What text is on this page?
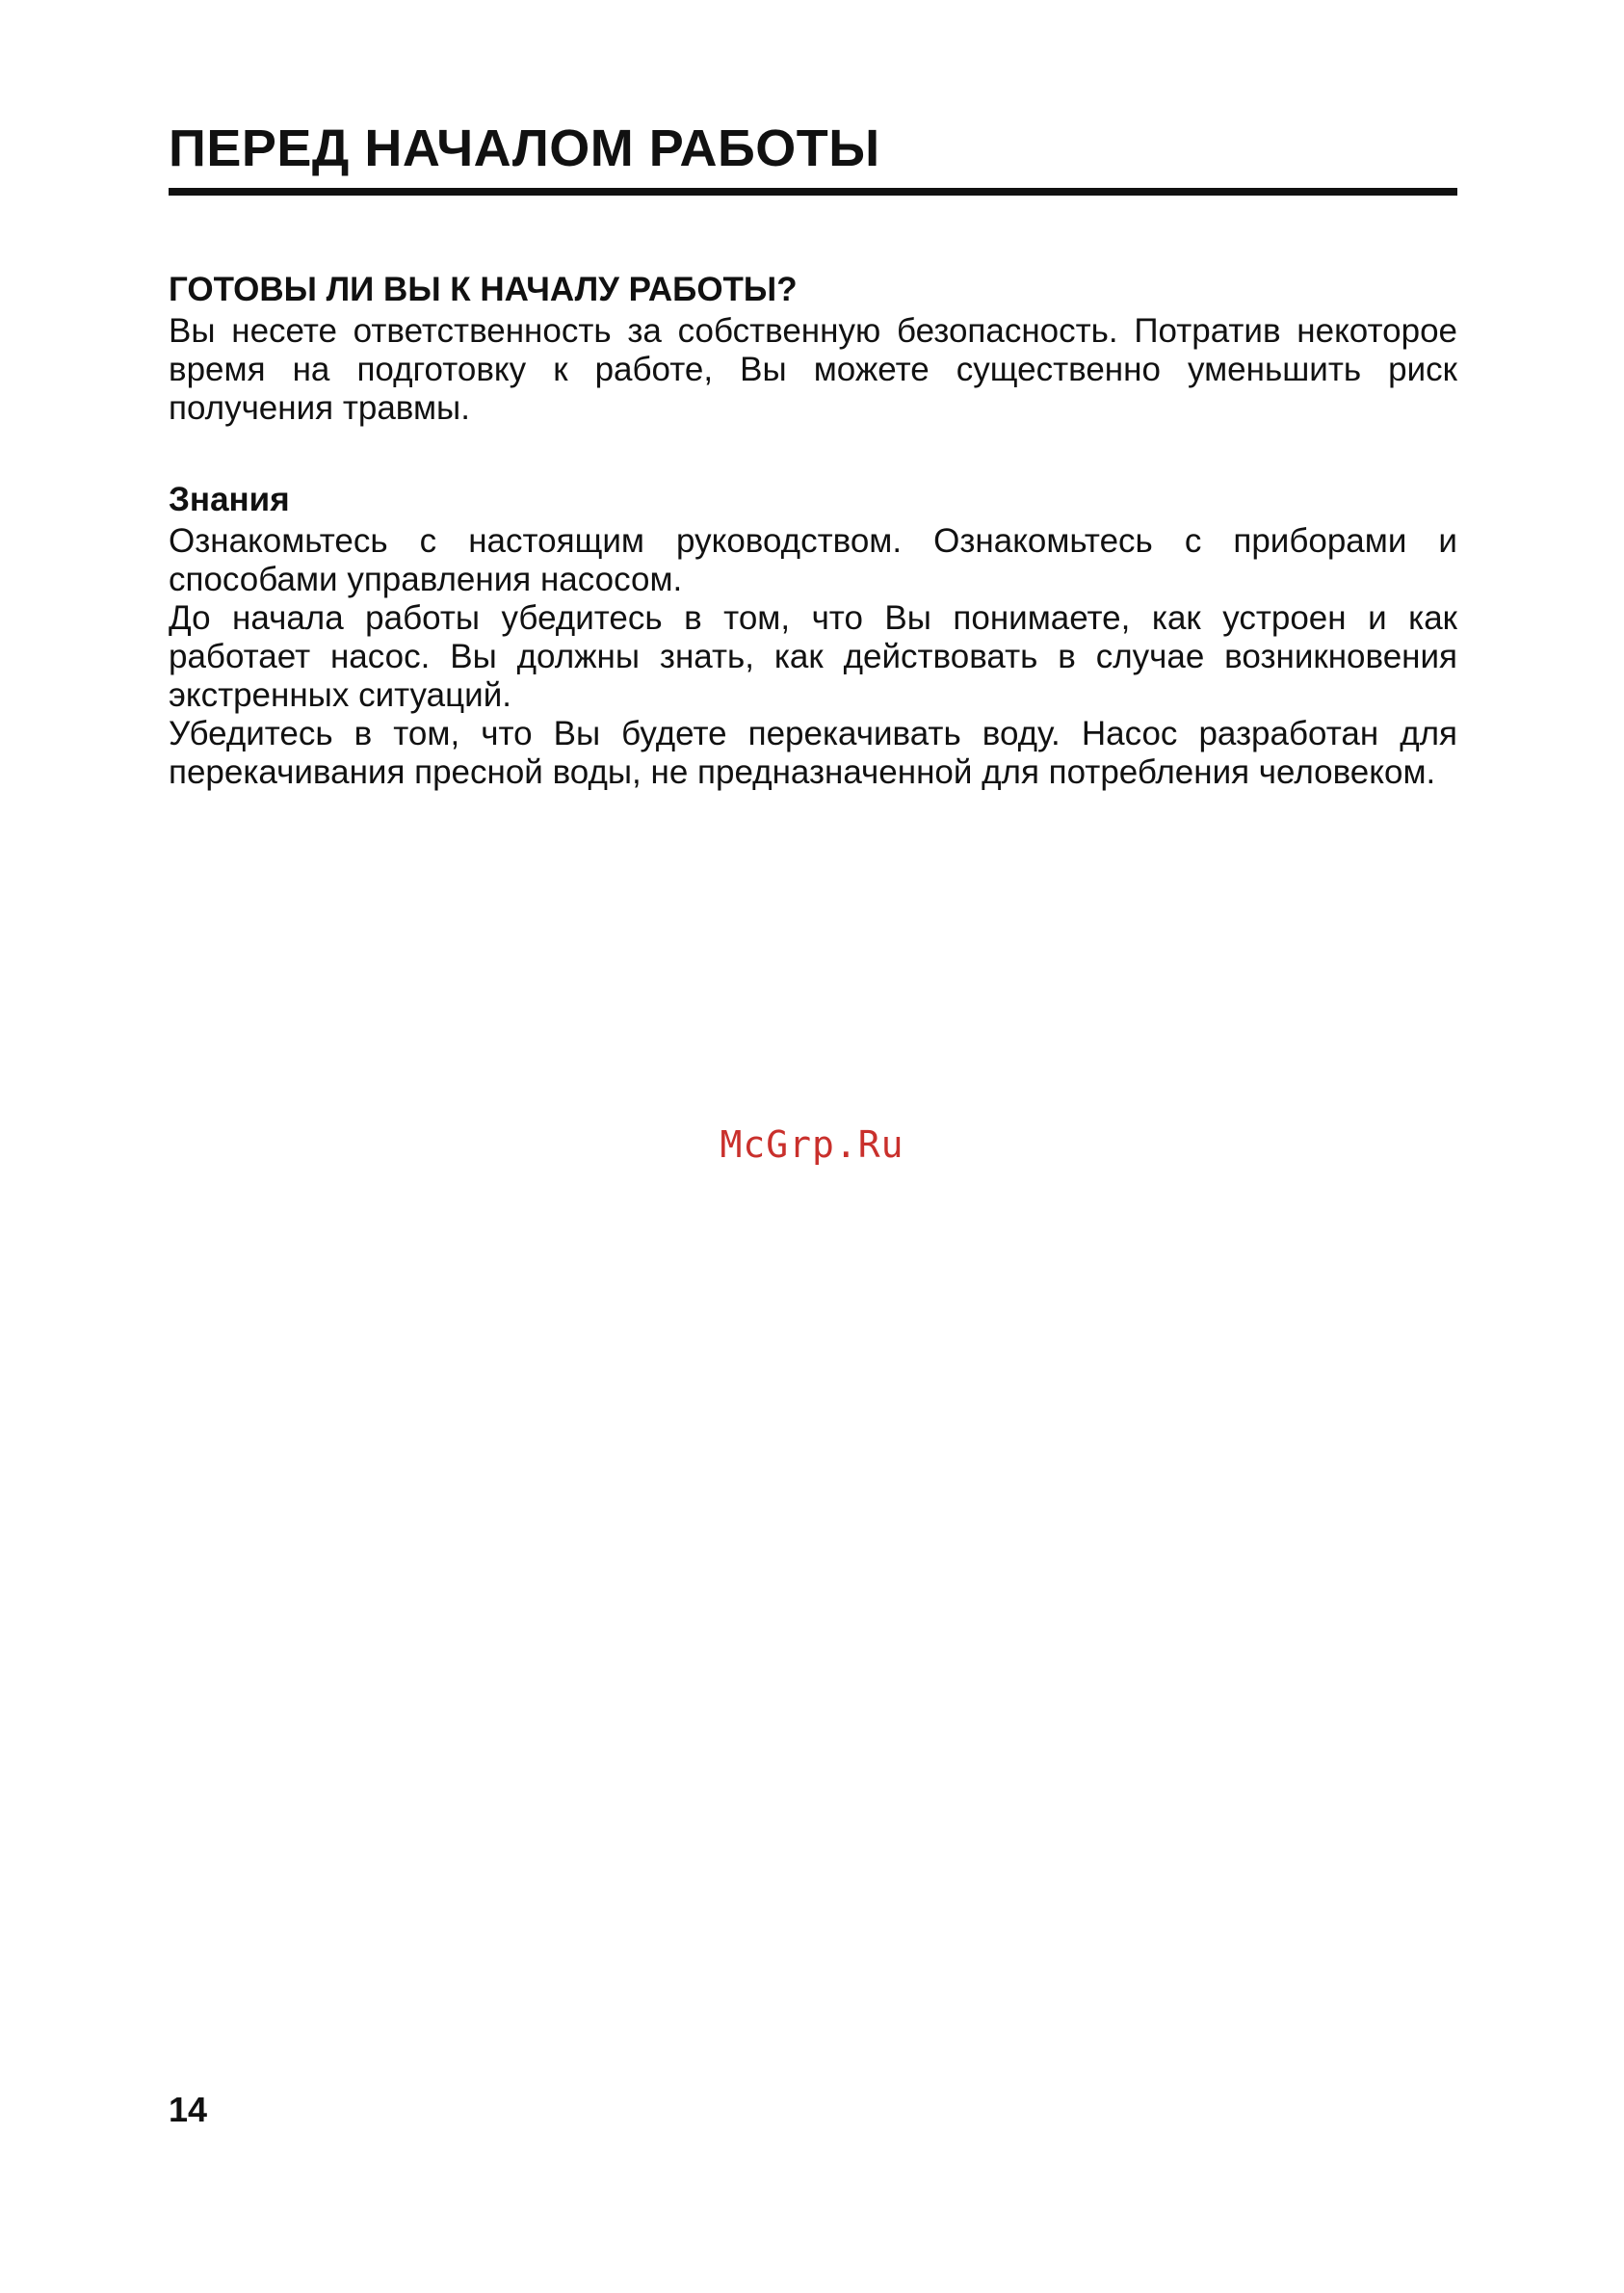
ПЕРЕД НАЧАЛОМ РАБОТЫ
ГОТОВЫ ЛИ ВЫ К НАЧАЛУ РАБОТЫ?

Вы несете ответственность за собственную безопасность. Потратив некоторое время на подготовку к работе, Вы можете существенно уменьшить риск получения травмы.

Знания

Ознакомьтесь с настоящим руководством. Ознакомьтесь с приборами и способами управления насосом.

До начала работы убедитесь в том, что Вы понимаете, как устроен и как работает насос. Вы должны знать, как действовать в случае возникновения экстренных ситуаций.

Убедитесь в том, что Вы будете перекачивать воду. Насос разработан для перекачивания пресной воды, не предназначенной для потребления человеком.

McGrp.Ru
14
